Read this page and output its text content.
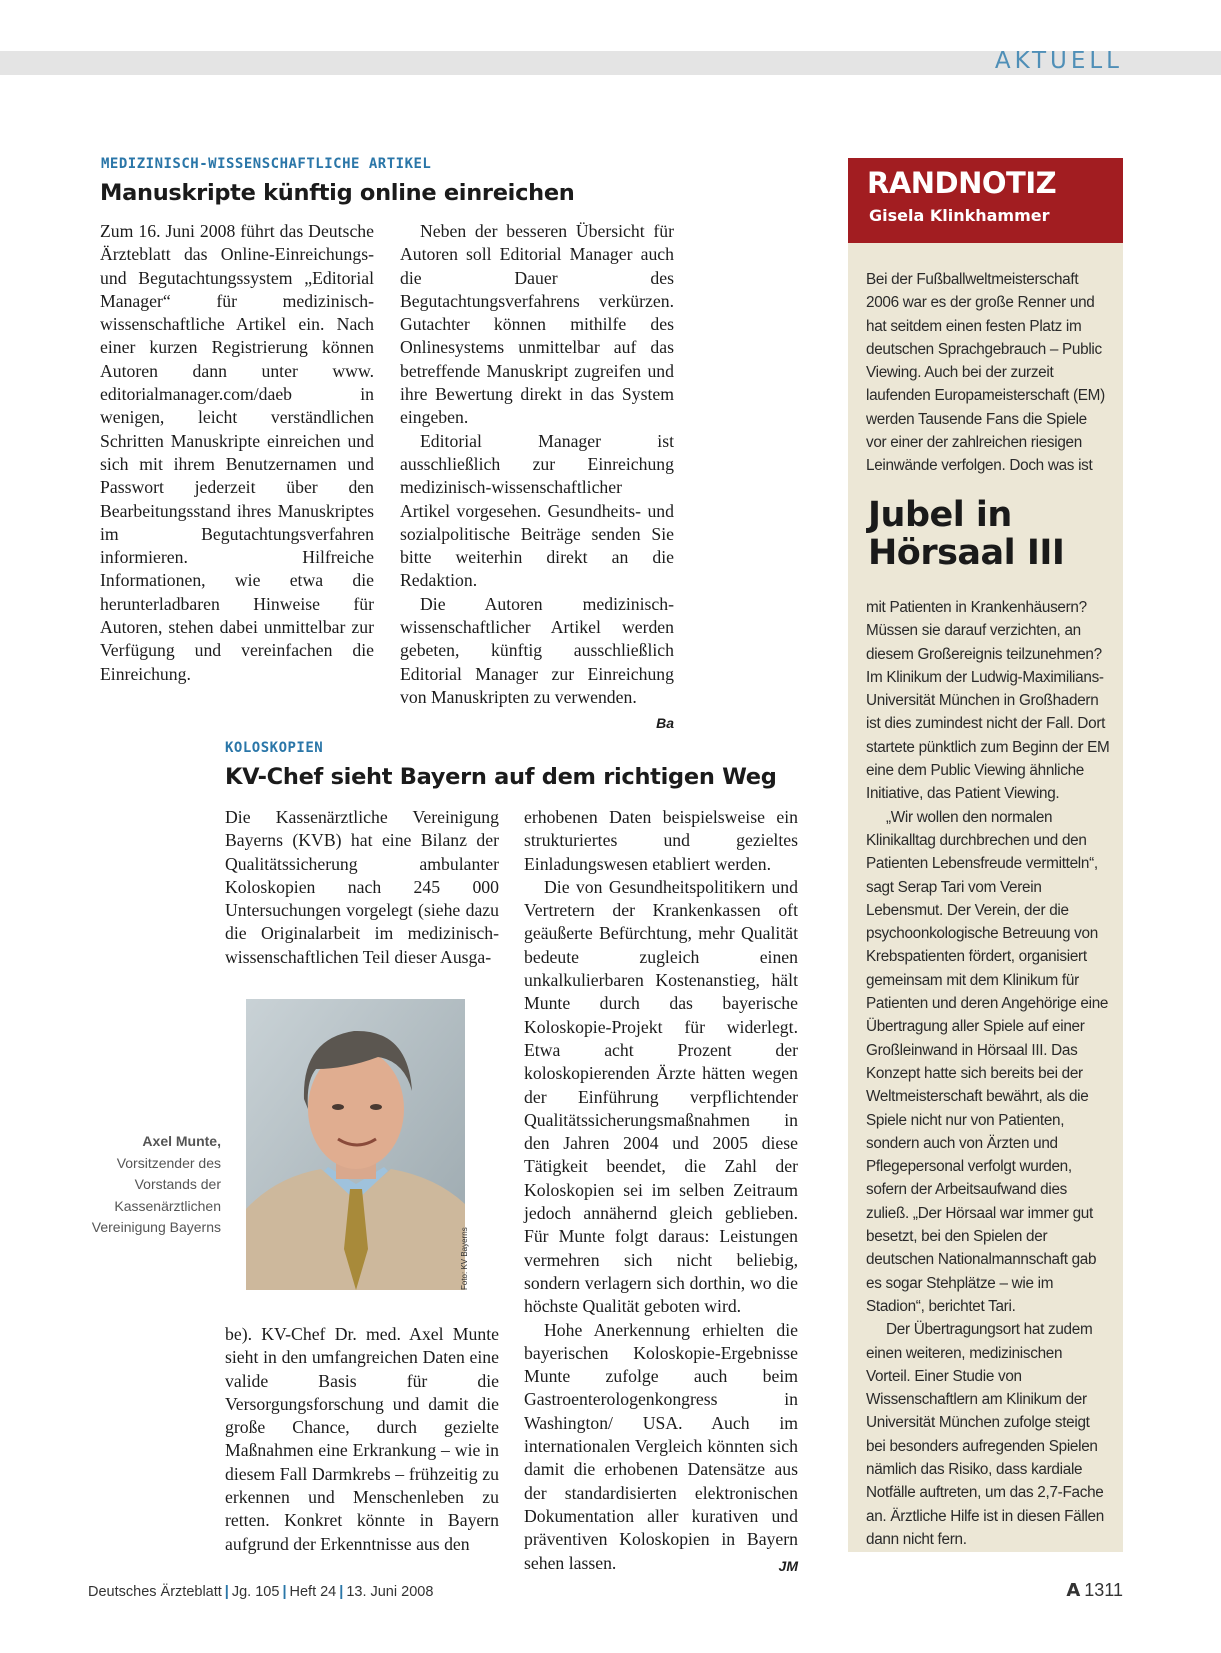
AKTUELL
MEDIZINISCH-WISSENSCHAFTLICHE ARTIKEL
Manuskripte künftig online einreichen

Zum 16. Juni 2008 führt das Deutsche Ärzteblatt das Online-Einreichungs- und Begutachtungssystem „Editorial Manager“ für medizinisch-wissenschaftliche Artikel ein. Nach einer kurzen Registrierung können Autoren dann unter www. editorialmanager.com/daeb in wenigen, leicht verständlichen Schritten Manuskripte einreichen und sich mit ihrem Benutzernamen und Passwort jederzeit über den Bearbeitungsstand ihres Manuskriptes im Begutachtungsverfahren informieren. Hilfreiche Informationen, wie etwa die herunterladbaren Hinweise für Autoren, stehen dabei unmittelbar zur Verfügung und vereinfachen die Einreichung.

Neben der besseren Übersicht für Autoren soll Editorial Manager auch die Dauer des Begutachtungsverfahrens verkürzen. Gutachter können mithilfe des Onlinesystems unmittelbar auf das betreffende Manuskript zugreifen und ihre Bewertung direkt in das System eingeben.

Editorial Manager ist ausschließlich zur Einreichung medizinisch-wissenschaftlicher Artikel vorgesehen. Gesundheits- und sozialpolitische Beiträge senden Sie bitte weiterhin direkt an die Redaktion.

Die Autoren medizinisch-wissenschaftlicher Artikel werden gebeten, künftig ausschließlich Editorial Manager zur Einreichung von Manuskripten zu verwenden.
Ba

KOLOSKOPIEN
KV-Chef sieht Bayern auf dem richtigen Weg

Die Kassenärztliche Vereinigung Bayerns (KVB) hat eine Bilanz der Qualitätssicherung ambulanter Koloskopien nach 245 000 Untersuchungen vorgelegt (siehe dazu die Originalarbeit im medizinisch-wissenschaftlichen Teil dieser Ausga-

Foto: KV Bayerns
Axel Munte,
Vorsitzender des Vorstands der Kassenärztlichen Vereinigung Bayerns

be). KV-Chef Dr. med. Axel Munte sieht in den umfangreichen Daten eine valide Basis für die Versorgungsforschung und damit die große Chance, durch gezielte Maßnahmen eine Erkrankung – wie in diesem Fall Darmkrebs – frühzeitig zu erkennen und Menschenleben zu retten. Konkret könnte in Bayern aufgrund der Erkenntnisse aus den

erhobenen Daten beispielsweise ein strukturiertes und gezieltes Einladungswesen etabliert werden.

Die von Gesundheitspolitikern und Vertretern der Krankenkassen oft geäußerte Befürchtung, mehr Qualität bedeute zugleich einen unkalkulierbaren Kostenanstieg, hält Munte durch das bayerische Koloskopie-Projekt für widerlegt. Etwa acht Prozent der koloskopierenden Ärzte hätten wegen der Einführung verpflichtender Qualitätssicherungsmaßnahmen in den Jahren 2004 und 2005 diese Tätigkeit beendet, die Zahl der Koloskopien sei im selben Zeitraum jedoch annähernd gleich geblieben. Für Munte folgt daraus: Leistungen vermehren sich nicht beliebig, sondern verlagern sich dorthin, wo die höchste Qualität geboten wird.

Hohe Anerkennung erhielten die bayerischen Koloskopie-Ergebnisse Munte zufolge auch beim Gastroenterologenkongress in Washington/ USA. Auch im internationalen Vergleich könnten sich damit die erhobenen Datensätze aus der standardisierten elektronischen Dokumentation aller kurativen und präventiven Koloskopien in Bayern sehen lassen.	JM

RANDNOTIZ
Gisela Klinkhammer

Bei der Fußballweltmeisterschaft 2006 war es der große Renner und hat seitdem einen festen Platz im deutschen Sprachgebrauch – Public Viewing. Auch bei der zurzeit laufenden Europameisterschaft (EM) werden Tausende Fans die Spiele vor einer der zahlreichen riesigen Leinwände verfolgen. Doch was ist

Jubel in
Hörsaal III

mit Patienten in Krankenhäusern? Müssen sie darauf verzichten, an diesem Großereignis teilzunehmen? Im Klinikum der Ludwig-Maximilians-Universität München in Großhadern ist dies zumindest nicht der Fall. Dort startete pünktlich zum Beginn der EM eine dem Public Viewing ähnliche Initiative, das Patient Viewing.

„Wir wollen den normalen Klinikalltag durchbrechen und den Patienten Lebensfreude vermitteln“, sagt Serap Tari vom Verein Lebensmut. Der Verein, der die psychoonkologische Betreuung von Krebspatienten fördert, organisiert gemeinsam mit dem Klinikum für Patienten und deren Angehörige eine Übertragung aller Spiele auf einer Großleinwand in Hörsaal III. Das Konzept hatte sich bereits bei der Weltmeisterschaft bewährt, als die Spiele nicht nur von Patienten, sondern auch von Ärzten und Pflegepersonal verfolgt wurden, sofern der Arbeitsaufwand dies zuließ. „Der Hörsaal war immer gut besetzt, bei den Spielen der deutschen Nationalmannschaft gab es sogar Stehplätze – wie im Stadion“, berichtet Tari.

Der Übertragungsort hat zudem einen weiteren, medizinischen Vorteil. Einer Studie von Wissenschaftlern am Klinikum der Universität München zufolge steigt bei besonders aufregenden Spielen nämlich das Risiko, dass kardiale Notfälle auftreten, um das 2,7-Fache an. Ärztliche Hilfe ist in diesen Fällen dann nicht fern.

Deutsches Ärzteblatt | Jg. 105 | Heft 24 | 13. Juni 2008	A 1311
